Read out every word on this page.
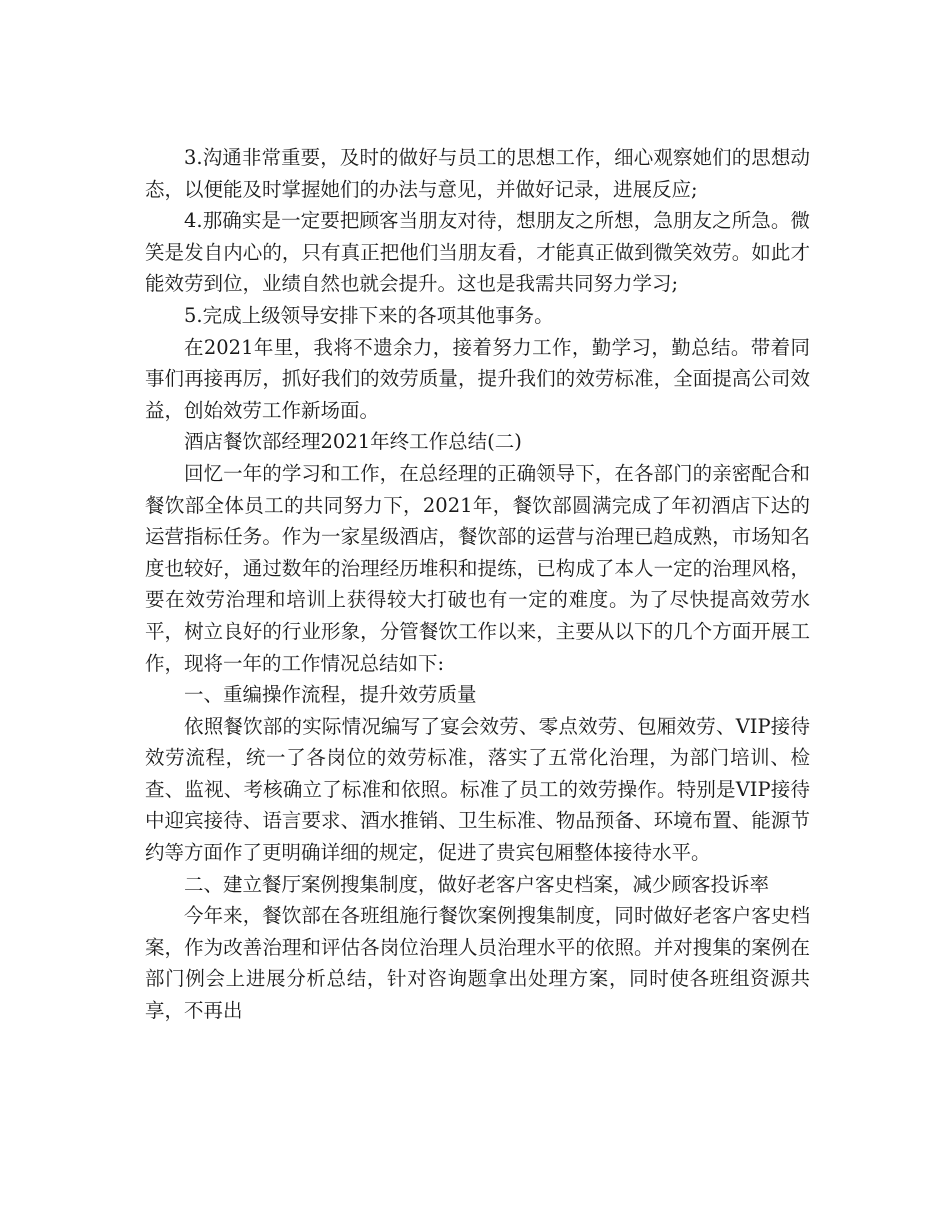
3.沟通非常重要，及时的做好与员工的思想工作，细心观察她们的思想动态，以便能及时掌握她们的办法与意见，并做好记录，进展反应;

4.那确实是一定要把顾客当朋友对待，想朋友之所想，急朋友之所急。微笑是发自内心的，只有真正把他们当朋友看，才能真正做到微笑效劳。如此才能效劳到位，业绩自然也就会提升。这也是我需共同努力学习;

5.完成上级领导安排下来的各项其他事务。

在2021年里，我将不遗余力，接着努力工作，勤学习，勤总结。带着同事们再接再厉，抓好我们的效劳质量，提升我们的效劳标准，全面提高公司效益，创始效劳工作新场面。

酒店餐饮部经理2021年终工作总结(二)

回忆一年的学习和工作，在总经理的正确领导下，在各部门的亲密配合和餐饮部全体员工的共同努力下，2021年，餐饮部圆满完成了年初酒店下达的运营指标任务。作为一家星级酒店，餐饮部的运营与治理已趋成熟，市场知名度也较好，通过数年的治理经历堆积和提练，已构成了本人一定的治理风格，要在效劳治理和培训上获得较大打破也有一定的难度。为了尽快提高效劳水平，树立良好的行业形象，分管餐饮工作以来，主要从以下的几个方面开展工作，现将一年的工作情况总结如下:

一、重编操作流程，提升效劳质量

依照餐饮部的实际情况编写了宴会效劳、零点效劳、包厢效劳、VIP接待效劳流程，统一了各岗位的效劳标准，落实了五常化治理，为部门培训、检查、监视、考核确立了标准和依照。标准了员工的效劳操作。特别是VIP接待中迎宾接待、语言要求、酒水推销、卫生标准、物品预备、环境布置、能源节约等方面作了更明确详细的规定，促进了贵宾包厢整体接待水平。

二、建立餐厅案例搜集制度，做好老客户客史档案，减少顾客投诉率

今年来，餐饮部在各班组施行餐饮案例搜集制度，同时做好老客户客史档案，作为改善治理和评估各岗位治理人员治理水平的依照。并对搜集的案例在部门例会上进展分析总结，针对咨询题拿出处理方案，同时使各班组资源共享，不再出
